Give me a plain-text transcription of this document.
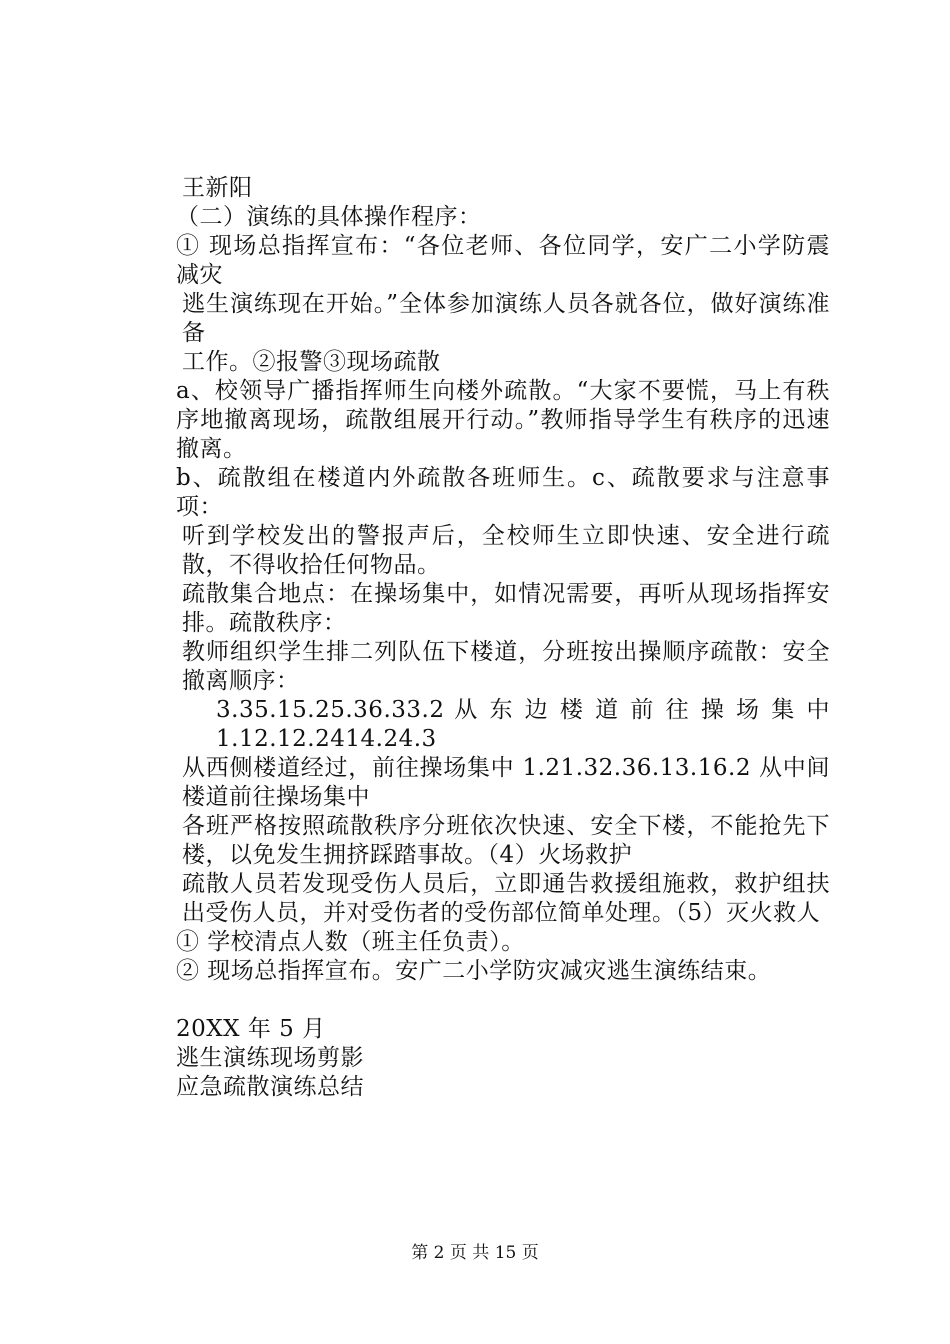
王新阳

（二）演练的具体操作程序：

① 现场总指挥宣布：“各位老师、各位同学，安广二小学防震减灾

逃生演练现在开始。”全体参加演练人员各就各位，做好演练准备

工作。②报警③现场疏散

a、校领导广播指挥师生向楼外疏散。“大家不要慌，马上有秩序地撤离现场，疏散组展开行动。”教师指导学生有秩序的迅速撤离。

b、疏散组在楼道内外疏散各班师生。c、疏散要求与注意事项：

听到学校发出的警报声后，全校师生立即快速、安全进行疏散，不得收拾任何物品。

疏散集合地点：在操场集中，如情况需要，再听从现场指挥安排。疏散秩序：

教师组织学生排二列队伍下楼道，分班按出操顺序疏散：安全撤离顺序：

3.35.15.25.36.33.2 从 东 边 楼 道 前 往 操 场 集 中 1.12.12.2414.24.3

从西侧楼道经过，前往操场集中 1.21.32.36.13.16.2 从中间楼道前往操场集中

各班严格按照疏散秩序分班依次快速、安全下楼，不能抢先下楼，以免发生拥挤踩踏事故。（4）火场救护

疏散人员若发现受伤人员后，立即通告救援组施救，救护组扶出受伤人员，并对受伤者的受伤部位简单处理。（5）灭火救人

① 学校清点人数（班主任负责）。

② 现场总指挥宣布。安广二小学防灾减灾逃生演练结束。

20XX 年 5 月

逃生演练现场剪影

应急疏散演练总结

第 2 页 共 15 页
